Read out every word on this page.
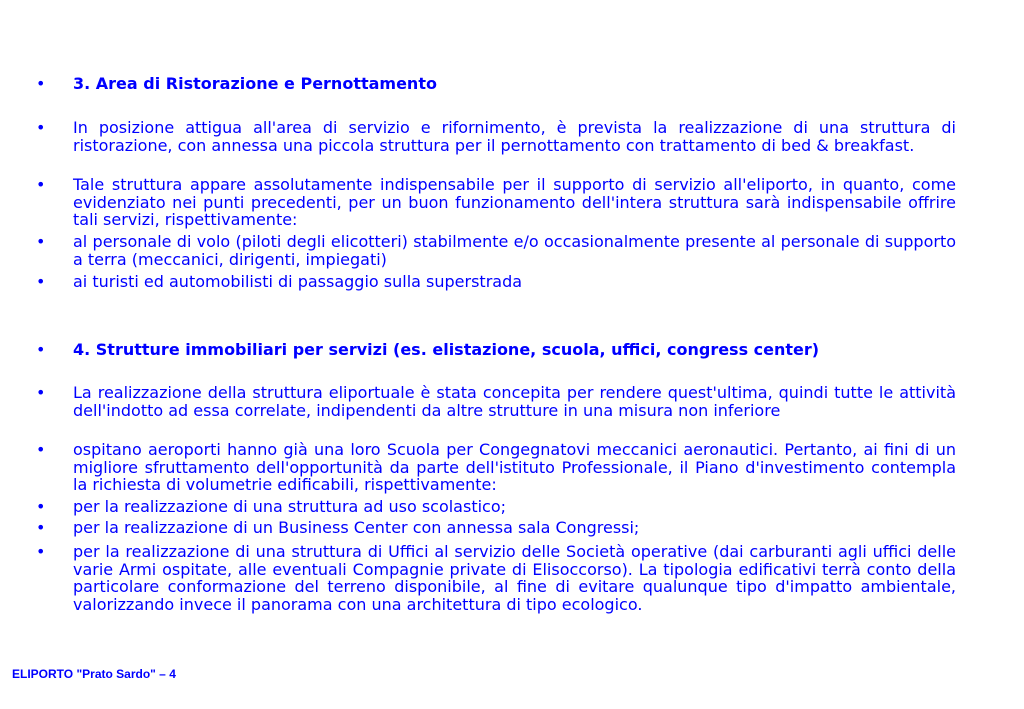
•	3. Area di Ristorazione e Pernottamento
•	In posizione attigua all'area di servizio e rifornimento, è prevista la realizzazione di una struttura di ristorazione, con annessa una piccola struttura per il pernottamento con trattamento di bed & breakfast.
•	Tale struttura appare assolutamente indispensabile per il supporto di servizio all'eliporto, in quanto, come evidenziato nei punti precedenti, per un buon funzionamento dell'intera struttura sarà indispensabile offrire tali servizi, rispettivamente:
•	al personale di volo (piloti degli elicotteri) stabilmente e/o occasionalmente presente al personale di supporto a terra (meccanici, dirigenti, impiegati)
•	ai turisti ed automobilisti di passaggio sulla superstrada
•	4. Strutture immobiliari per servizi (es. elistazione, scuola, uffici, congress center)
•	La realizzazione della struttura eliportuale è stata concepita per rendere quest'ultima, quindi tutte le attività dell'indotto ad essa correlate, indipendenti da altre strutture in una misura non inferiore
•	ospitano aeroporti hanno già una loro Scuola per Congegnatovi meccanici aeronautici. Pertanto, ai fini di un migliore sfruttamento dell'opportunità da parte dell'istituto Professionale, il Piano d'investimento contempla la richiesta di volumetrie edificabili, rispettivamente:
•	per la realizzazione di una struttura ad uso scolastico;
•	per la realizzazione di un Business Center con annessa sala Congressi;
•	per la realizzazione di una struttura di Uffici al servizio delle Società operative (dai carburanti agli uffici delle varie Armi ospitate, alle eventuali Compagnie private di Elisoccorso). La tipologia edificativi terrà conto della particolare conformazione del terreno disponibile, al fine di evitare qualunque tipo d'impatto ambientale, valorizzando invece il panorama con una architettura di tipo ecologico.
ELIPORTO "Prato Sardo" – 4
